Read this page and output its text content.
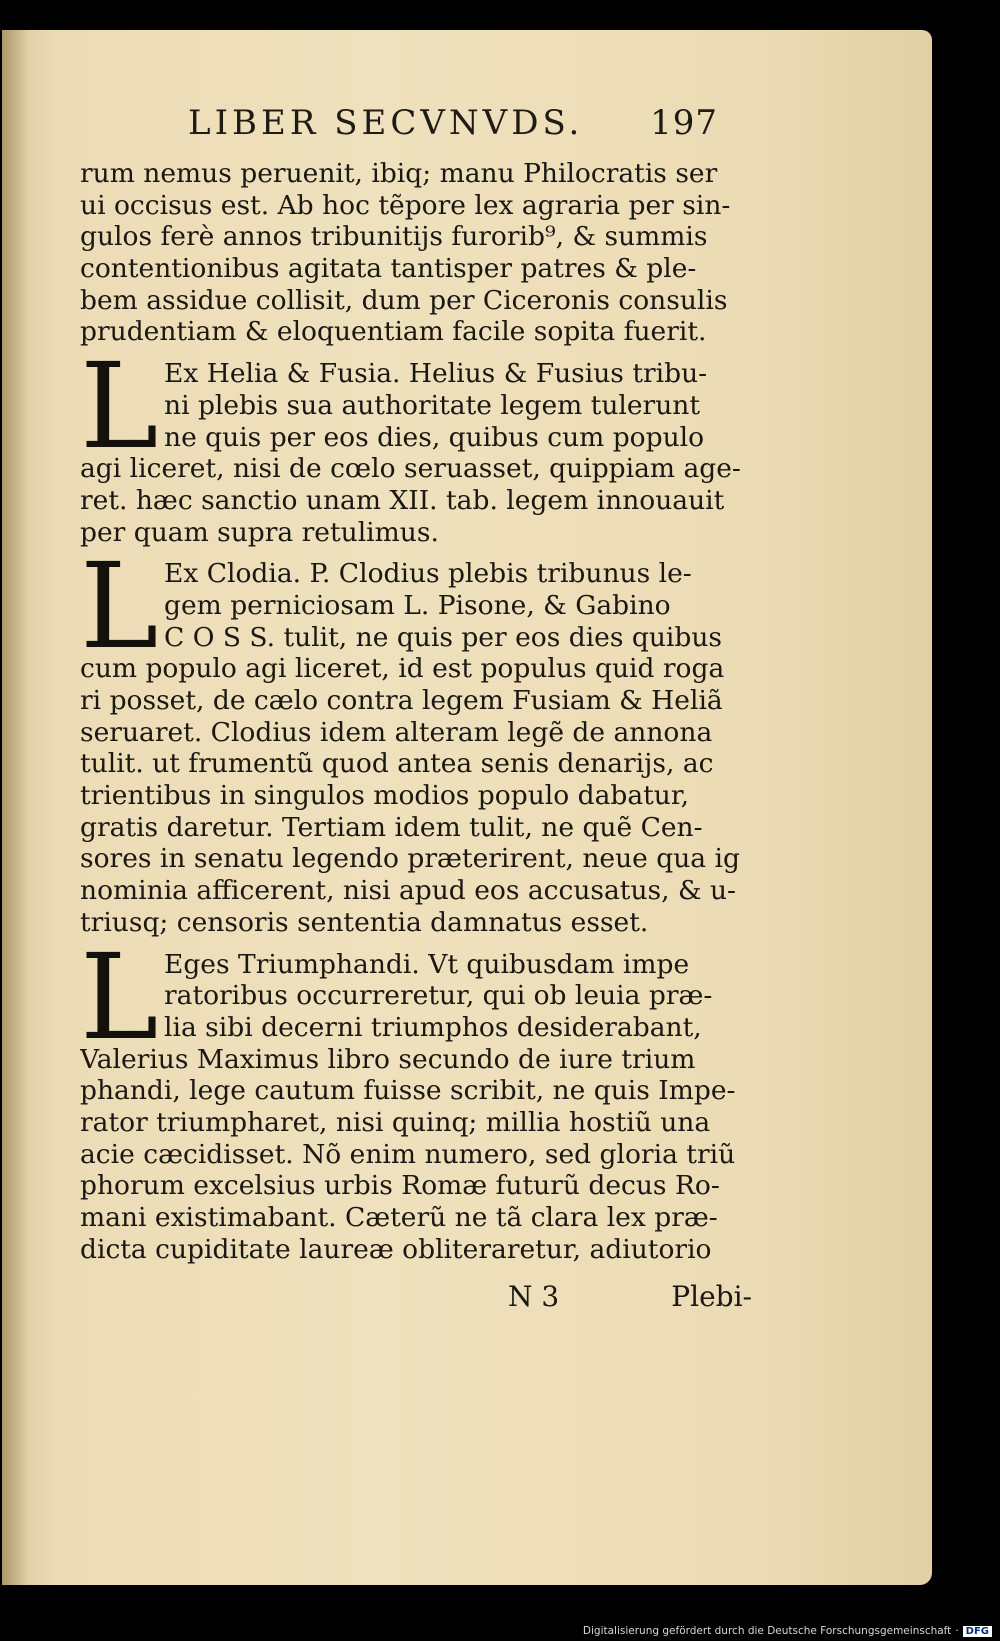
LIBER SECVNVDS. 197
rum nemus peruenit, ibiq; manu Philocratis ser
ui occisus est. Ab hoc tẽpore lex agraria per sin-
gulos ferè annos tribunitijs furorib⁹, & summis
contentionibus agitata tantisper patres & ple-
bem assidue collisit, dum per Ciceronis consulis
prudentiam & eloquentiam facile sopita fuerit.
L Ex Helia & Fusia. Helius & Fusius tribu-
ni plebis sua authoritate legem tulerunt
ne quis per eos dies, quibus cum populo
agi liceret, nisi de cœlo seruasset, quippiam age-
ret. hæc sanctio unam XII. tab. legem innouauit
per quam supra retulimus.
L Ex Clodia. P. Clodius plebis tribunus le-
gem perniciosam L. Pisone, & Gabino
C O S S. tulit, ne quis per eos dies quibus
cum populo agi liceret, id est populus quid roga
ri posset, de cælo contra legem Fusiam & Heliã
seruaret. Clodius idem alteram legẽ de annona
tulit. ut frumentũ quod antea senis denarijs, ac
trientibus in singulos modios populo dabatur,
gratis daretur. Tertiam idem tulit, ne quẽ Cen-
sores in senatu legendo præterirent, neue qua ig
nominia afficerent, nisi apud eos accusatus, & u-
triusq; censoris sententia damnatus esset.
L Eges Triumphandi. Vt quibusdam impe
ratoribus occurreretur, qui ob leuia præ-
lia sibi decerni triumphos desiderabant,
Valerius Maximus libro secundo de iure trium
phandi, lege cautum fuisse scribit, ne quis Impe-
rator triumpharet, nisi quinq; millia hostiũ una
acie cæcidisset. Nõ enim numero, sed gloria triũ
phorum excelsius urbis Romæ futurũ decus Ro-
mani existimabant. Cæterũ ne tã clara lex præ-
dicta cupiditate laureæ obliteraretur, adiutorio
N 3	Plebi-
Digitalisierung gefördert durch die Deutsche Forschungsgemeinschaft · DFG
